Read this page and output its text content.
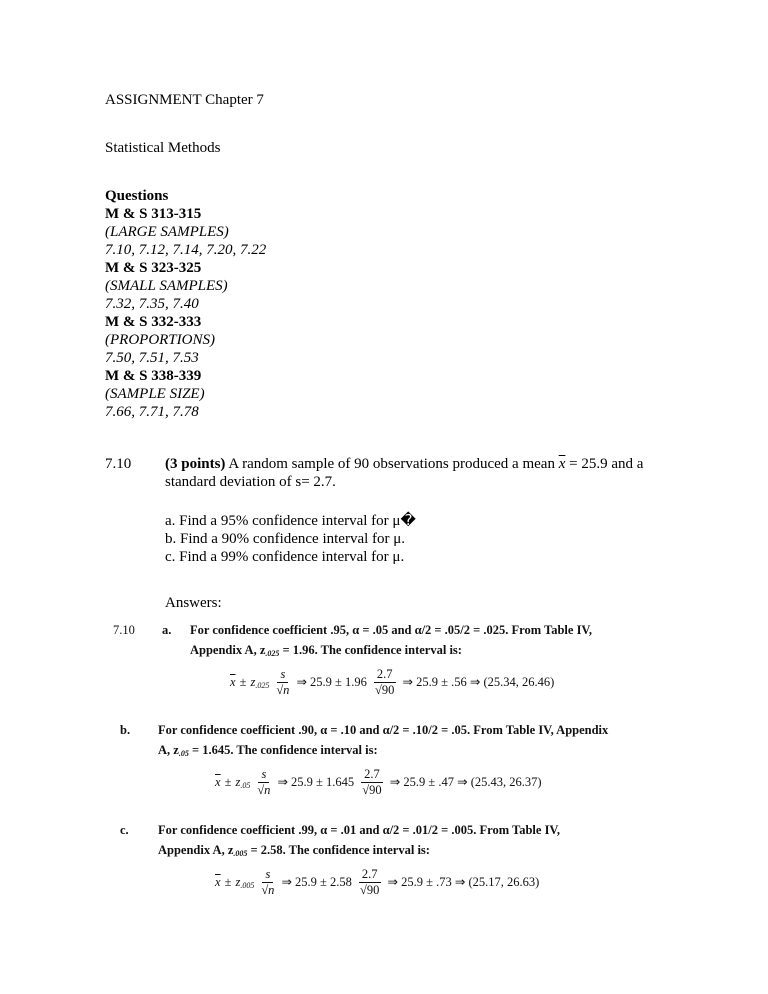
ASSIGNMENT Chapter 7
Statistical Methods
Questions
M & S 313-315
(LARGE SAMPLES)
7.10, 7.12, 7.14, 7.20, 7.22
M & S 323-325
(SMALL SAMPLES)
7.32, 7.35, 7.40
M & S 332-333
(PROPORTIONS)
7.50, 7.51, 7.53
M & S 338-339
(SAMPLE SIZE)
7.66, 7.71, 7.78
7.10 (3 points) A random sample of 90 observations produced a mean $\overline{x} = 25.9$ and a
standard deviation of s= 2.7.
a. Find a 95% confidence interval for μ�
b. Find a 90% confidence interval for μ.
c. Find a 99% confidence interval for μ.
Answers:
7.10 a. For confidence coefficient .95, α = .05 and α/2 = .05/2 = .025. From Table IV,
Appendix A, $z_{.025} = 1.96$. The confidence interval is:
$\overline{x} \pm z_{.025} \frac{s}{√n}$ ⇒ $25.9 \pm 1.96 \frac{2.7}{√90}$ ⇒ 25.9 ± .56 ⇒ (25.34, 26.46)
b. For confidence coefficient .90, α = .10 and α/2 = .10/2 = .05. From Table IV, Appendix
A, $z_{.05} = 1.645$. The confidence interval is:
$\overline{x} \pm z_{.05} \frac{s}{√n}$ ⇒ $25.9 \pm 1.645 \frac{2.7}{√90}$ ⇒ 25.9 ± .47 ⇒ (25.43, 26.37)
c. For confidence coefficient .99, α = .01 and α/2 = .01/2 = .005. From Table IV,
Appendix A, $z_{.005} = 2.58$. The confidence interval is:
$\overline{x} \pm z_{.005} \frac{s}{√n}$ ⇒ $25.9 \pm 2.58 \frac{2.7}{√90}$ ⇒ 25.9 ± .73 ⇒ (25.17, 26.63)
